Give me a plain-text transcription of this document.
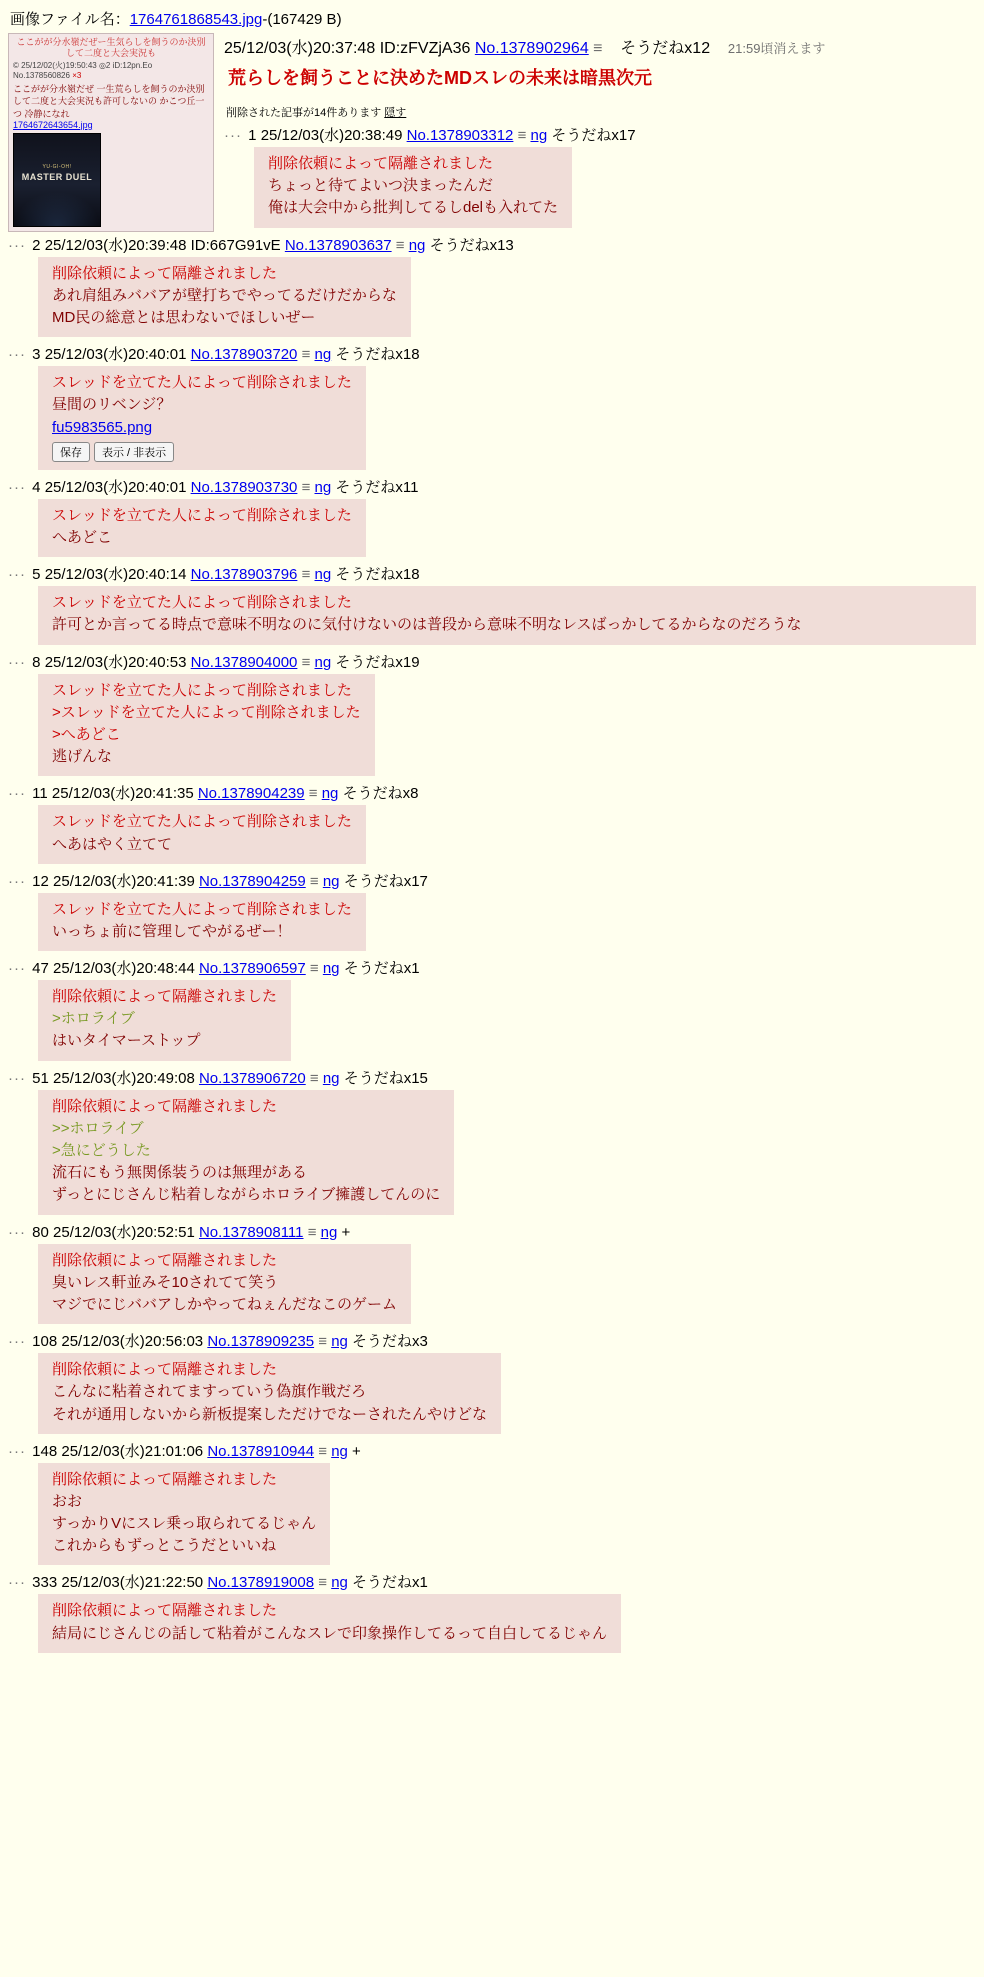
画像ファイル名：1764761868543.jpg-(167429 B)
ここがが分水嶺だぜー生気らしを飼うのか決別して二度と大会実況も
© 25/12/02(火)19:50:43 ◎2 iD:12pn.Eo No.1378560826 ×3
ここがが分水嶺だぜ 一生荒らしを飼うのか決別して二度と大会実況も許可しないの かこつ丘一つ 冷静になれ
1764672643654.jpg
YU-GI-OH!
MASTER DUEL
25/12/03(水)20:37:48 ID:zFVZjA36 No.1378902964 ≡ そうだねx12 21:59頃消えます
荒らしを飼うことに決めたMDスレの未来は暗黒次元
削除された記事が14件あります 隠す
··· 1 25/12/03(水)20:38:49 No.1378903312 ≡ ng そうだねx17
削除依頼によって隔離されました
ちょっと待てよいつ決まったんだ
俺は大会中から批判してるしdelも入れてた
··· 2 25/12/03(水)20:39:48 ID:667G91vE No.1378903637 ≡ ng そうだねx13
削除依頼によって隔離されました
あれ肩組みババアが壁打ちでやってるだけだからな
MD民の総意とは思わないでほしいぜー
··· 3 25/12/03(水)20:40:01 No.1378903720 ≡ ng そうだねx18
スレッドを立てた人によって削除されました
昼間のリベンジ？
fu5983565.png
保存 表示 / 非表示
··· 4 25/12/03(水)20:40:01 No.1378903730 ≡ ng そうだねx11
スレッドを立てた人によって削除されました
へあどこ
··· 5 25/12/03(水)20:40:14 No.1378903796 ≡ ng そうだねx18
スレッドを立てた人によって削除されました
許可とか言ってる時点で意味不明なのに気付けないのは普段から意味不明なレスばっかしてるからなのだろうな
··· 8 25/12/03(水)20:40:53 No.1378904000 ≡ ng そうだねx19
スレッドを立てた人によって削除されました
>スレッドを立てた人によって削除されました
>へあどこ
逃げんな
··· 11 25/12/03(水)20:41:35 No.1378904239 ≡ ng そうだねx8
スレッドを立てた人によって削除されました
へあはやく立てて
··· 12 25/12/03(水)20:41:39 No.1378904259 ≡ ng そうだねx17
スレッドを立てた人によって削除されました
いっちょ前に管理してやがるぜー！
··· 47 25/12/03(水)20:48:44 No.1378906597 ≡ ng そうだねx1
削除依頼によって隔離されました
>ホロライブ
はいタイマーストップ
··· 51 25/12/03(水)20:49:08 No.1378906720 ≡ ng そうだねx15
削除依頼によって隔離されました
>>ホロライブ
>急にどうした
流石にもう無関係装うのは無理がある
ずっとにじさんじ粘着しながらホロライブ擁護してんのに
··· 80 25/12/03(水)20:52:51 No.1378908111 ≡ ng +
削除依頼によって隔離されました
臭いレス軒並みそ10されてて笑う
マジでにじババアしかやってねぇんだなこのゲーム
··· 108 25/12/03(水)20:56:03 No.1378909235 ≡ ng そうだねx3
削除依頼によって隔離されました
こんなに粘着されてますっていう偽旗作戦だろ
それが通用しないから新板提案しただけでなーされたんやけどな
··· 148 25/12/03(水)21:01:06 No.1378910944 ≡ ng +
削除依頼によって隔離されました
おお
すっかりVにスレ乗っ取られてるじゃん
これからもずっとこうだといいね
··· 333 25/12/03(水)21:22:50 No.1378919008 ≡ ng そうだねx1
削除依頼によって隔離されました
結局にじさんじの話して粘着がこんなスレで印象操作してるって自白してるじゃん
